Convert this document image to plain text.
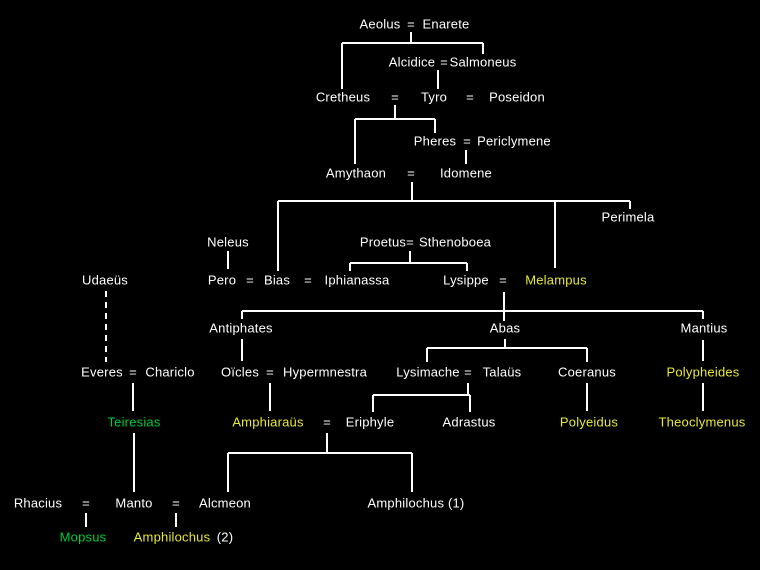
Aeolus = Enarete
Alcidice = Salmoneus
Cretheus = Tyro = Poseidon
Pheres = Periclymene
Amythaon = Idomene
Perimela
Neleus	Proetus = Sthenoboea
Udaeüs	Pero = Bias = Iphianassa	Lysippe = Melampus
Antiphates	Abas	Mantius
Everes = Chariclo Oïcles = Hypermnestra Lysimache = Talaüs	Coeranus	Polypheides
Teiresias	Amphiaraüs = Eriphyle	Adrastus	Polyeidus	Theoclymenus
Rhacius = Manto = Alcmeon	Amphilochus (1)
Mopsus Amphilochus (2)
